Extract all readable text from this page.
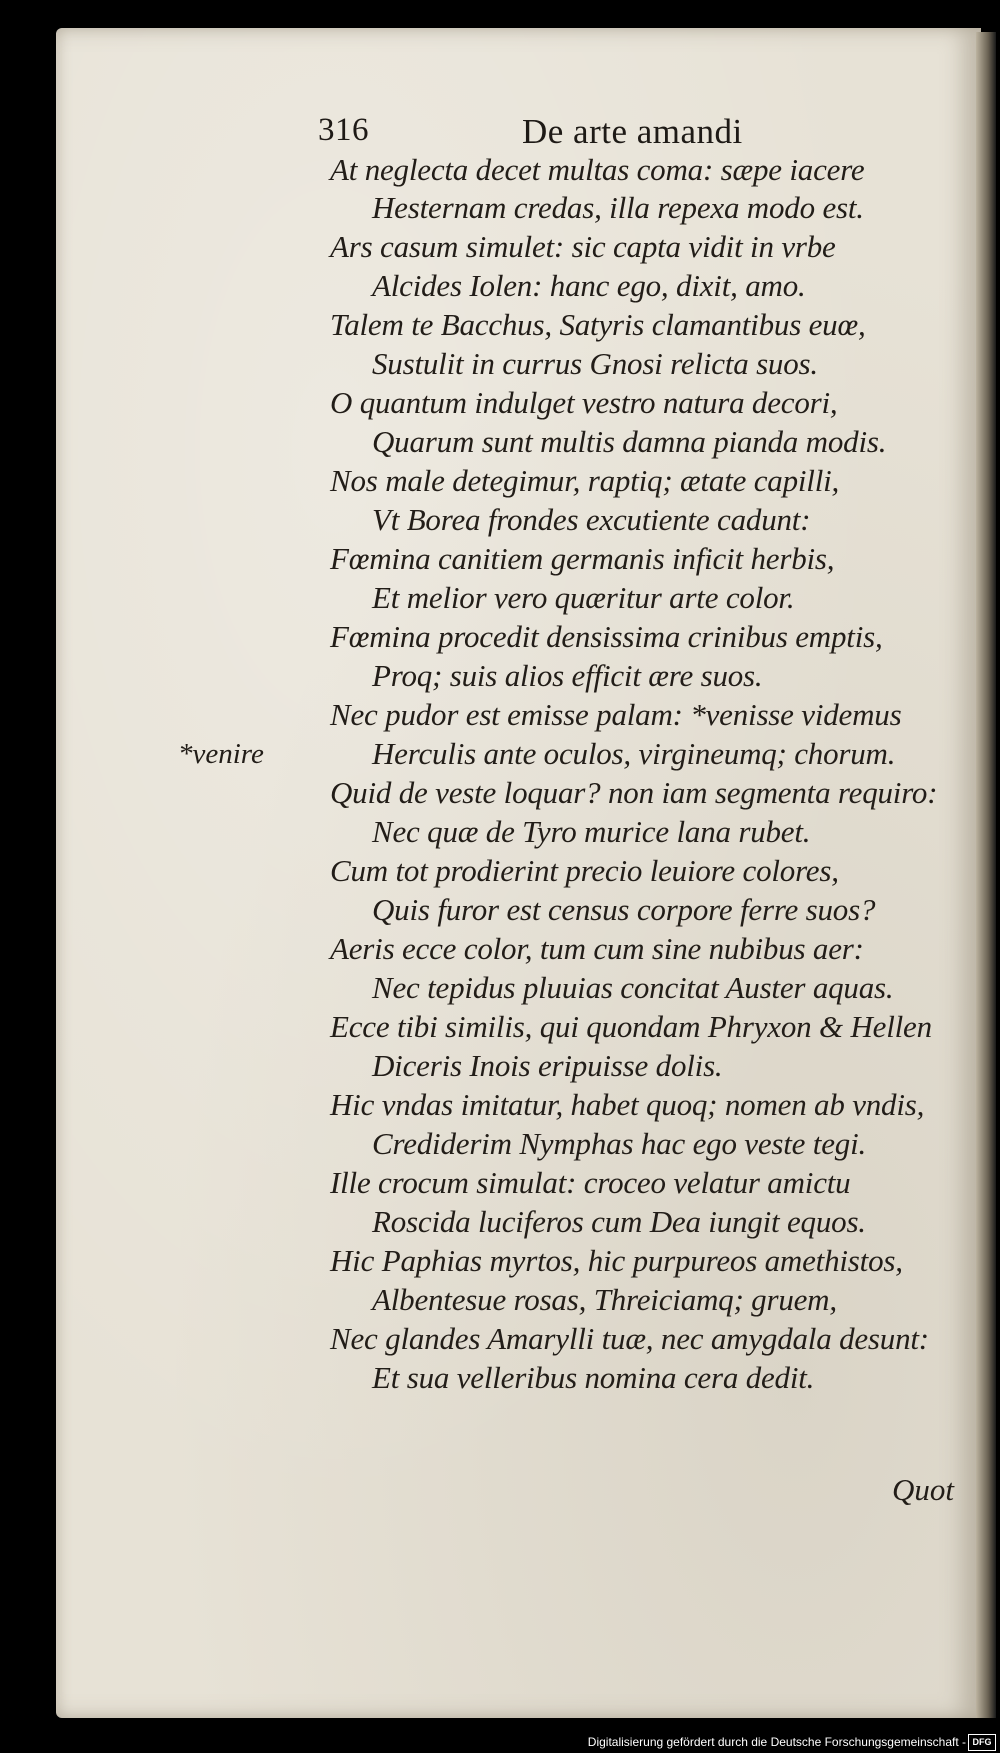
316	De arte amandi
At neglecta decet multas coma: sæpe iacere
Hesternam credas, illa repexa modo est.
Ars casum simulet: sic capta vidit in vrbe
Alcides Iolen: hanc ego, dixit, amo.
Talem te Bacchus, Satyris clamantibus euœ,
Sustulit in currus Gnosi relicta suos.
O quantum indulget vestro natura decori,
Quarum sunt multis damna pianda modis.
Nos male detegimur, raptiq; ætate capilli,
Vt Borea frondes excutiente cadunt:
Fœmina canitiem germanis inficit herbis,
Et melior vero quæritur arte color.
Fœmina procedit densissima crinibus emptis,
Proq; suis alios efficit ære suos.
Nec pudor est emisse palam: *venisse videmus
Herculis ante oculos, virgineumq; chorum.
Quid de veste loquar? non iam segmenta requiro:
Nec quæ de Tyro murice lana rubet.
Cum tot prodierint precio leuiore colores,
Quis furor est census corpore ferre suos?
Aeris ecce color, tum cum sine nubibus aer:
Nec tepidus pluuias concitat Auster aquas.
Ecce tibi similis, qui quondam Phryxon & Hellen
Diceris Inois eripuisse dolis.
Hic vndas imitatur, habet quoq; nomen ab vndis,
Crediderim Nymphas hac ego veste tegi.
Ille crocum simulat: croceo velatur amictu
Roscida luciferos cum Dea iungit equos.
Hic Paphias myrtos, hic purpureos amethistos,
Albentesue rosas, Threiciamq; gruem,
Nec glandes Amarylli tuæ, nec amygdala desunt:
Et sua velleribus nomina cera dedit.
*venire
Quot
Digitalisierung gefördert durch die Deutsche Forschungsgemeinschaft - DFG
